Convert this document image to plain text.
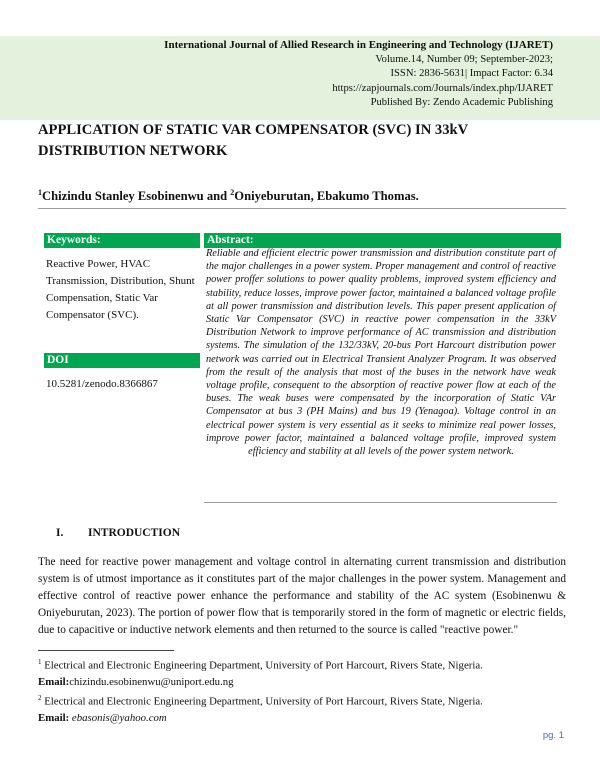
International Journal of Allied Research in Engineering and Technology (IJARET)
Volume.14, Number 09; September-2023;
ISSN: 2836-5631| Impact Factor: 6.34
https://zapjournals.com/Journals/index.php/IJARET
Published By: Zendo Academic Publishing
APPLICATION OF STATIC VAR COMPENSATOR (SVC) IN 33kV DISTRIBUTION NETWORK

$^1$Chizindu Stanley Esobinenwu and $^2$Oniyeburutan, Ebakumo Thomas.

Keywords:
Reactive Power, HVAC Transmission, Distribution, Shunt Compensation, Static Var Compensator (SVC).
DOI
10.5281/zenodo.8366867
Abstract:

Reliable and efficient electric power transmission and distribution constitute part of the major challenges in a power system. Proper management and control of reactive power proffer solutions to power quality problems, improved system efficiency and stability, reduce losses, improve power factor, maintained a balanced voltage profile at all power transmission and distribution levels. This paper present application of Static Var Compensator (SVC) in reactive power compensation in the 33kV Distribution Network to improve performance of AC transmission and distribution systems. The simulation of the 132/33kV, 20-bus Port Harcourt distribution power network was carried out in Electrical Transient Analyzer Program. It was observed from the result of the analysis that most of the buses in the network have weak voltage profile, consequent to the absorption of reactive power flow at each of the buses. The weak buses were compensated by the incorporation of Static VAr Compensator at bus 3 (PH Mains) and bus 19 (Yenagoa). Voltage control in an electrical power system is very essential as it seeks to minimize real power losses, improve power factor, maintained a balanced voltage profile, improved system efficiency and stability at all levels of the power system network.

I. INTRODUCTION

The need for reactive power management and voltage control in alternating current transmission and distribution system is of utmost importance as it constitutes part of the major challenges in the power system. Management and effective control of reactive power enhance the performance and stability of the AC system (Esobinenwu & Oniyeburutan, 2023). The portion of power flow that is temporarily stored in the form of magnetic or electric fields, due to capacitive or inductive network elements and then returned to the source is called "reactive power."

$^1$ Electrical and Electronic Engineering Department, University of Port Harcourt, Rivers State, Nigeria.
Email:chizindu.esobinenwu@uniport.edu.ng
$^2$ Electrical and Electronic Engineering Department, University of Port Harcourt, Rivers State, Nigeria.
Email: ebasonis@yahoo.com
pg. 1
